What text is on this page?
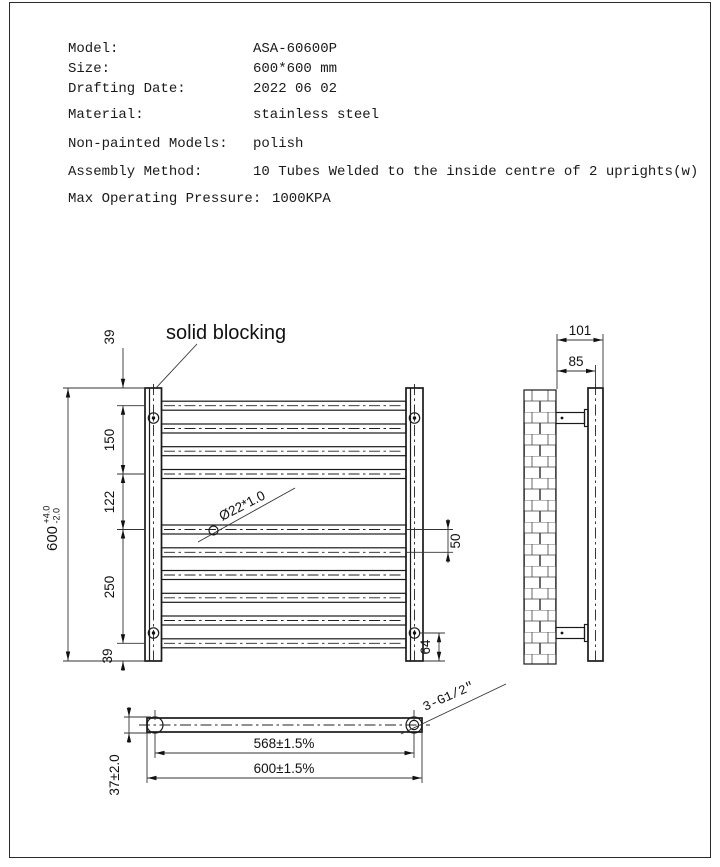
Model:	ASA-60600P
Size:	600*600 mm
Drafting Date:	2022 06 02
Material:	stainless steel
Non-painted Models: polish
Assembly Method:	10 Tubes Welded to the inside centre of 2 uprights(w)
Max Operating Pressure: 1000KPA
39
150
122
250
39
600
+4.0 -2.0
50
64
solid blocking
Ø22*1.0
101
85
568±1.5%
600±1.5%
37±2.0
3-G1/2"
